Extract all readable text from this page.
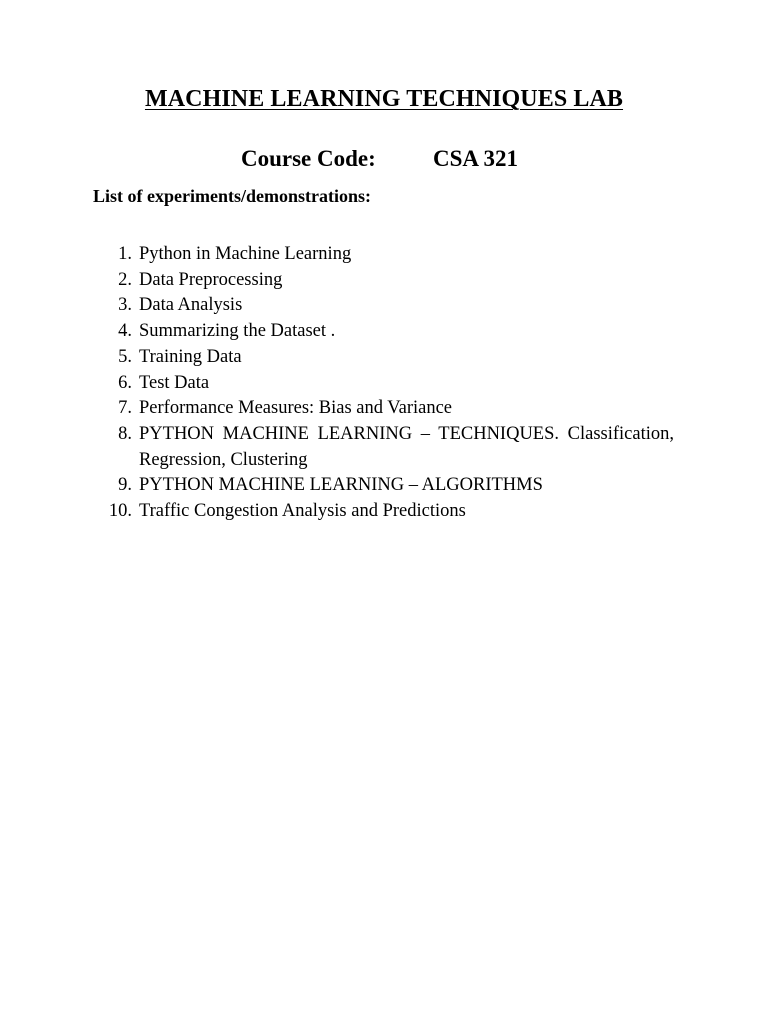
MACHINE LEARNING TECHNIQUES LAB
Course Code: CSA 321
List of experiments/demonstrations:
1. Python in Machine Learning
2. Data Preprocessing
3. Data Analysis
4. Summarizing the Dataset .
5. Training Data
6. Test Data
7. Performance Measures: Bias and Variance
8. PYTHON MACHINE LEARNING – TECHNIQUES. Classification, Regression, Clustering
9. PYTHON MACHINE LEARNING – ALGORITHMS
10. Traffic Congestion Analysis and Predictions
